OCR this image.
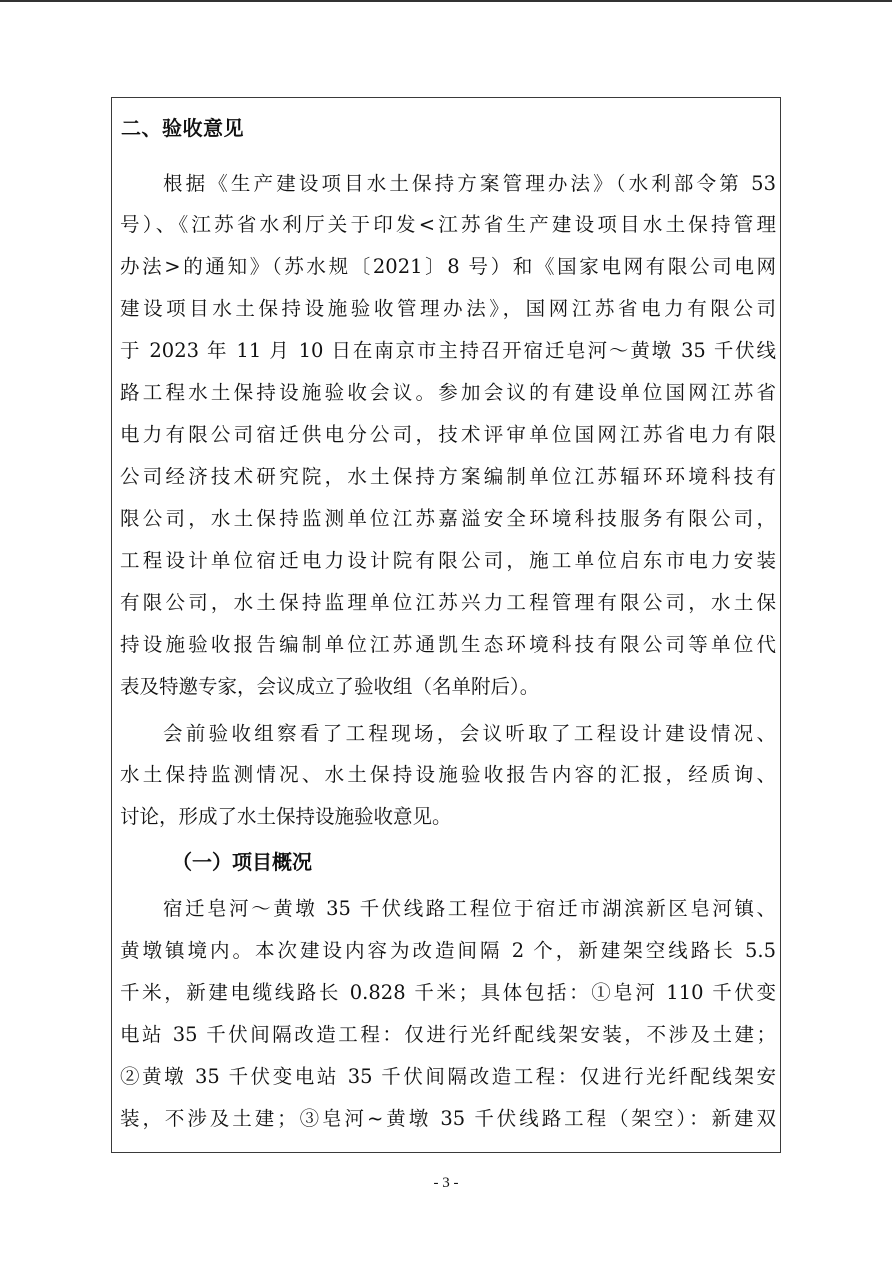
二、验收意见
根据《生产建设项目水土保持方案管理办法》（水利部令第 53
号）、《江苏省水利厅关于印发<江苏省生产建设项目水土保持管理
办法>的通知》（苏水规〔2021〕8 号）和《国家电网有限公司电网
建设项目水土保持设施验收管理办法》，国网江苏省电力有限公司
于 2023 年 11 月 10 日在南京市主持召开宿迁皂河～黄墩 35 千伏线
路工程水土保持设施验收会议。参加会议的有建设单位国网江苏省
电力有限公司宿迁供电分公司，技术评审单位国网江苏省电力有限
公司经济技术研究院，水土保持方案编制单位江苏辐环环境科技有
限公司，水土保持监测单位江苏嘉溢安全环境科技服务有限公司，
工程设计单位宿迁电力设计院有限公司，施工单位启东市电力安装
有限公司，水土保持监理单位江苏兴力工程管理有限公司，水土保
持设施验收报告编制单位江苏通凯生态环境科技有限公司等单位代
表及特邀专家，会议成立了验收组（名单附后）。
会前验收组察看了工程现场，会议听取了工程设计建设情况、
水土保持监测情况、水土保持设施验收报告内容的汇报，经质询、
讨论，形成了水土保持设施验收意见。
（一）项目概况
宿迁皂河～黄墩 35 千伏线路工程位于宿迁市湖滨新区皂河镇、
黄墩镇境内。本次建设内容为改造间隔 2 个，新建架空线路长 5.5
千米，新建电缆线路长 0.828 千米；具体包括：①皂河 110 千伏变
电站 35 千伏间隔改造工程：仅进行光纤配线架安装，不涉及土建；
②黄墩 35 千伏变电站 35 千伏间隔改造工程：仅进行光纤配线架安
装，不涉及土建；③皂河~黄墩 35 千伏线路工程（架空）：新建双
- 3 -
